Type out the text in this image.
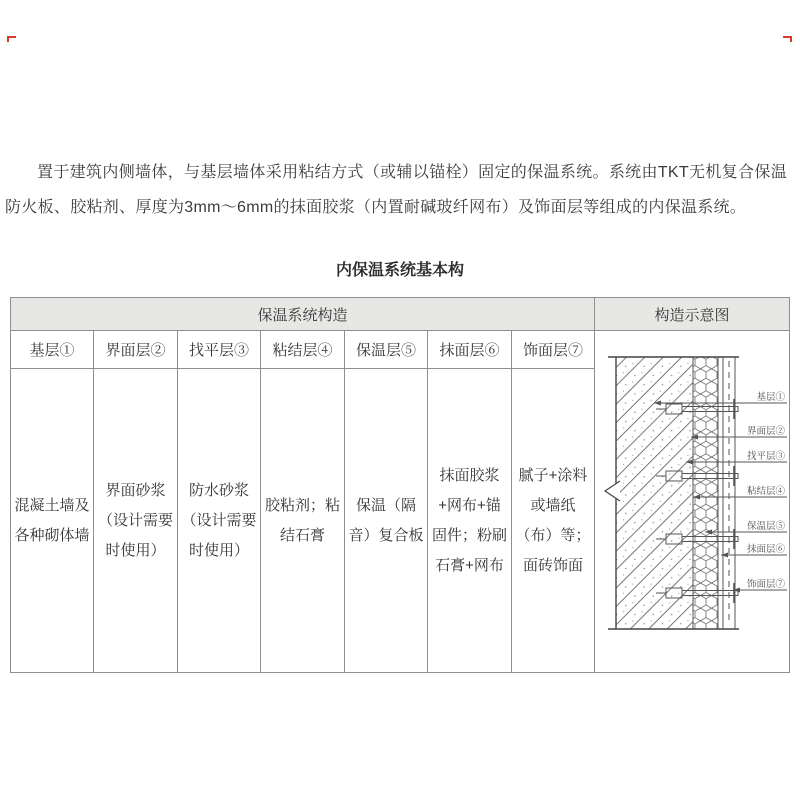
置于建筑内侧墙体，与基层墙体采用粘结方式（或辅以锚栓）固定的保温系统。系统由TKT无机复合保温防火板、胶粘剂、厚度为3mm～6mm的抹面胶浆（内置耐碱玻纤网布）及饰面层等组成的内保温系统。

内保温系统基本构
保温系统构造							构造示意图
基层①	界面层②	找平层③	粘结层④	保温层⑤	抹面层⑥	饰面层⑦	
基层①
界面层②
找平层③
粘结层④
保温层⑤
抹面层⑥
饰面层⑦

混凝土墙及各种砌体墙	界面砂浆（设计需要时使用）	防水砂浆（设计需要时使用）	胶粘剂；粘结石膏	保温（隔音）复合板	抹面胶浆+网布+锚固件；粉刷石膏+网布	腻子+涂料或墙纸（布）等；面砖饰面	
